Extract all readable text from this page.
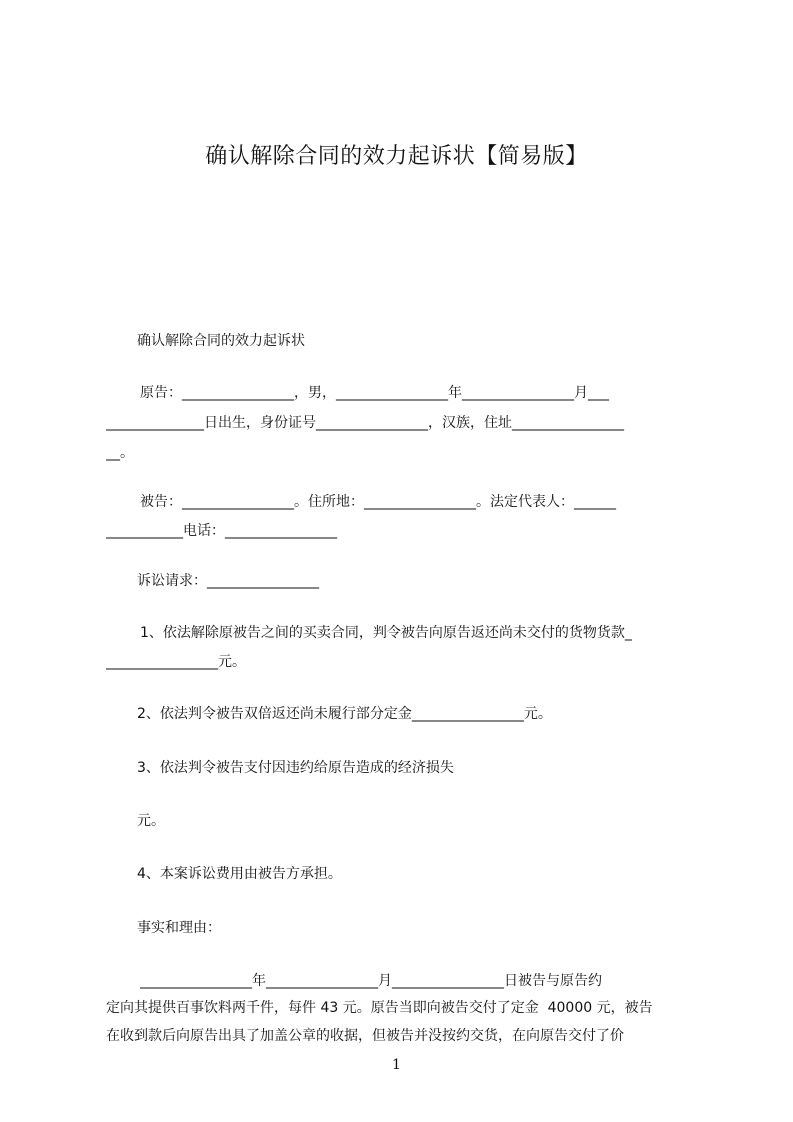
确认解除合同的效力起诉状【简易版】

确认解除合同的效力起诉状

原告：________________，男，________________年________________月___

______________日出生，身份证号________________，汉族，住址________________

__。

被告：________________。住所地：________________。法定代表人：______

___________电话：________________

诉讼请求：________________

1、依法解除原被告之间的买卖合同，判令被告向原告返还尚未交付的货物货款_

________________元。

2、依法判令被告双倍返还尚未履行部分定金________________元。

3、依法判令被告支付因违约给原告造成的经济损失

元。

4、本案诉讼费用由被告方承担。

事实和理由：

________________年________________月________________日被告与原告约

定向其提供百事饮料两千件，每件 43 元。原告当即向被告交付了定金  40000 元，被告

在收到款后向原告出具了加盖公章的收据，但被告并没按约交货，在向原告交付了价

1
